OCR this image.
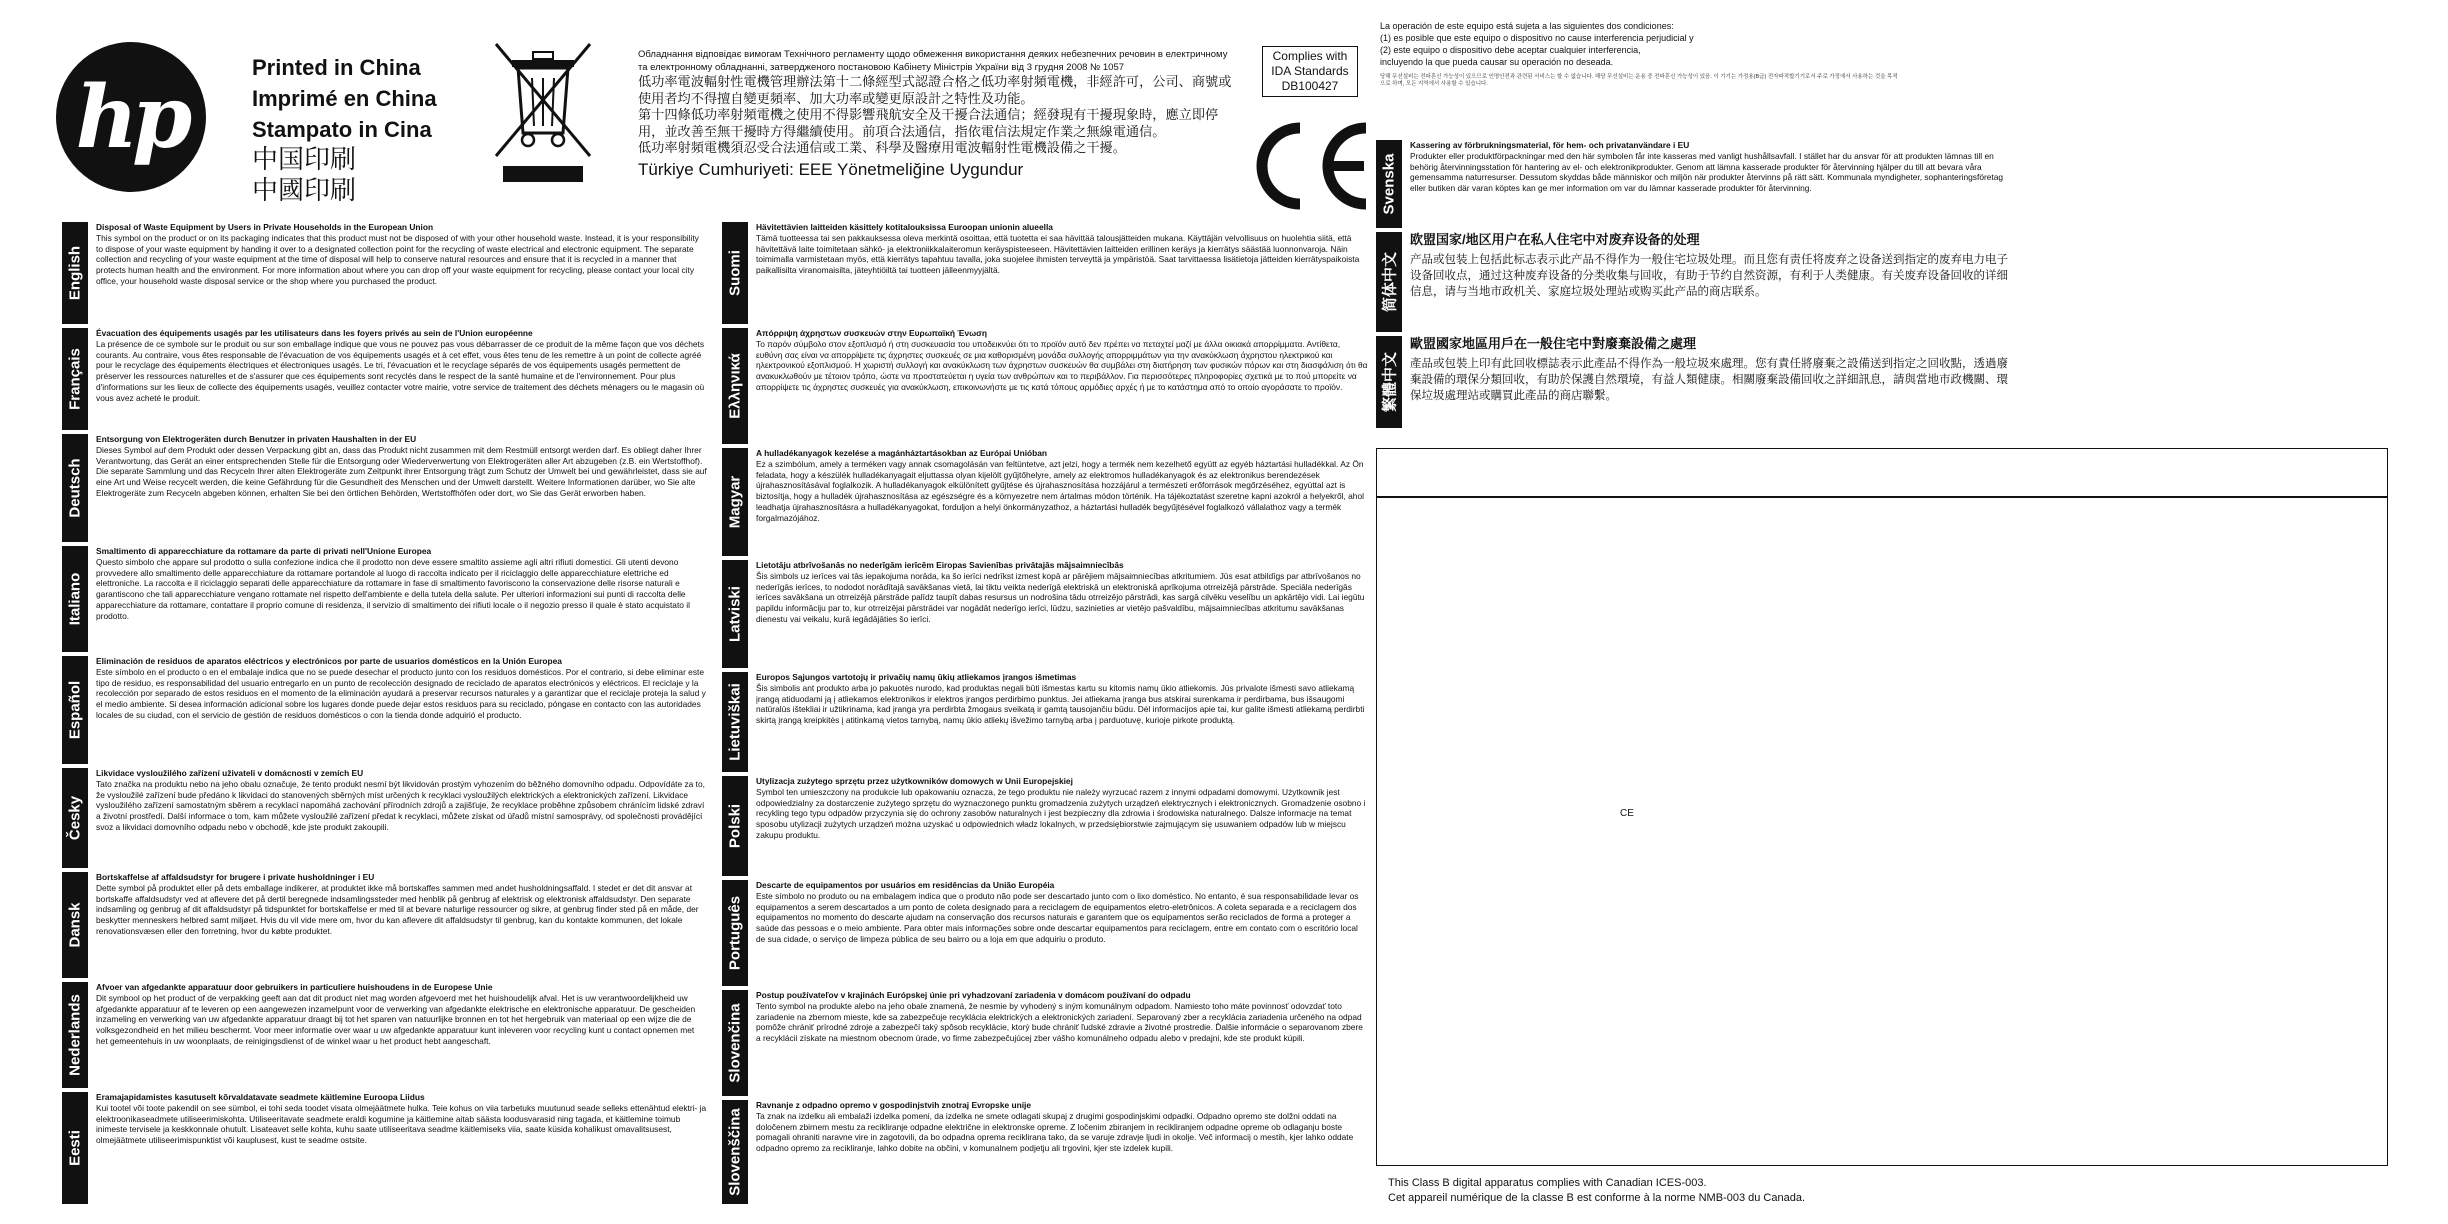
hp	Printed in China
Imprimé en China
Stampato in Cina
中国印刷
中國印刷
Обладнання відповідає вимогам Технічного регламенту щодо обмеження використання деяких небезпечних речовин в електричному та електронному обладнанні, затвердженого постановою Кабінету Міністрів України від 3 грудня 2008 № 1057
低功率電波輻射性電機管理辦法第十二條經型式認證合格之低功率射頻電機，非經許可，公司、商號或使用者均不得擅自變更頻率、加大功率或變更原設計之特性及功能。
第十四條低功率射頻電機之使用不得影響飛航安全及干擾合法通信；經發現有干擾現象時，應立即停用，並改善至無干擾時方得繼續使用。前項合法通信，指依電信法規定作業之無線電通信。
低功率射頻電機須忍受合法通信或工業、科學及醫療用電波輻射性電機設備之干擾。
Türkiye Cumhuriyeti: EEE Yönetmeliğine Uygundur
Complies with
IDA Standards
DB100427
La operación de este equipo está sujeta a las siguientes dos condiciones:
(1) es posible que este equipo o dispositivo no cause interferencia perjudicial y
(2) este equipo o dispositivo debe aceptar cualquier interferencia,
incluyendo la que pueda causar su operación no deseada.
당해 무선설비는 전파혼신 가능성이 있으므로 인명안전과 관련된 서비스는 할 수 없습니다. 해당 무선설비는 운용 중 전파혼신 가능성이 있음. 이 기기는 가정용(B급) 전자파적합기기로서 주로 가정에서 사용하는 것을 목적으로 하며, 모든 지역에서 사용할 수 있습니다.
English
Disposal of Waste Equipment by Users in Private Households in the European Union
This symbol on the product or on its packaging indicates that this product must not be disposed of with your other household waste. Instead, it is your responsibility to dispose of your waste equipment by handing it over to a designated collection point for the recycling of waste electrical and electronic equipment. The separate collection and recycling of your waste equipment at the time of disposal will help to conserve natural resources and ensure that it is recycled in a manner that protects human health and the environment. For more information about where you can drop off your waste equipment for recycling, please contact your local city office, your household waste disposal service or the shop where you purchased the product.
Français
Évacuation des équipements usagés par les utilisateurs dans les foyers privés au sein de l'Union européenne
La présence de ce symbole sur le produit ou sur son emballage indique que vous ne pouvez pas vous débarrasser de ce produit de la même façon que vos déchets courants. Au contraire, vous êtes responsable de l'évacuation de vos équipements usagés et à cet effet, vous êtes tenu de les remettre à un point de collecte agréé pour le recyclage des équipements électriques et électroniques usagés. Le tri, l'évacuation et le recyclage séparés de vos équipements usagés permettent de préserver les ressources naturelles et de s'assurer que ces équipements sont recyclés dans le respect de la santé humaine et de l'environnement. Pour plus d'informations sur les lieux de collecte des équipements usagés, veuillez contacter votre mairie, votre service de traitement des déchets ménagers ou le magasin où vous avez acheté le produit.
Deutsch
Entsorgung von Elektrogeräten durch Benutzer in privaten Haushalten in der EU
Dieses Symbol auf dem Produkt oder dessen Verpackung gibt an, dass das Produkt nicht zusammen mit dem Restmüll entsorgt werden darf. Es obliegt daher Ihrer Verantwortung, das Gerät an einer entsprechenden Stelle für die Entsorgung oder Wiederverwertung von Elektrogeräten aller Art abzugeben (z.B. ein Wertstoffhof). Die separate Sammlung und das Recyceln Ihrer alten Elektrogeräte zum Zeitpunkt ihrer Entsorgung trägt zum Schutz der Umwelt bei und gewährleistet, dass sie auf eine Art und Weise recycelt werden, die keine Gefährdung für die Gesundheit des Menschen und der Umwelt darstellt. Weitere Informationen darüber, wo Sie alte Elektrogeräte zum Recyceln abgeben können, erhalten Sie bei den örtlichen Behörden, Wertstoffhöfen oder dort, wo Sie das Gerät erworben haben.
Italiano
Smaltimento di apparecchiature da rottamare da parte di privati nell'Unione Europea
Questo simbolo che appare sul prodotto o sulla confezione indica che il prodotto non deve essere smaltito assieme agli altri rifiuti domestici. Gli utenti devono provvedere allo smaltimento delle apparecchiature da rottamare portandole al luogo di raccolta indicato per il riciclaggio delle apparecchiature elettriche ed elettroniche. La raccolta e il riciclaggio separati delle apparecchiature da rottamare in fase di smaltimento favoriscono la conservazione delle risorse naturali e garantiscono che tali apparecchiature vengano rottamate nel rispetto dell'ambiente e della tutela della salute. Per ulteriori informazioni sui punti di raccolta delle apparecchiature da rottamare, contattare il proprio comune di residenza, il servizio di smaltimento dei rifiuti locale o il negozio presso il quale è stato acquistato il prodotto.
Español
Eliminación de residuos de aparatos eléctricos y electrónicos por parte de usuarios domésticos en la Unión Europea
Este símbolo en el producto o en el embalaje indica que no se puede desechar el producto junto con los residuos domésticos. Por el contrario, si debe eliminar este tipo de residuo, es responsabilidad del usuario entregarlo en un punto de recolección designado de reciclado de aparatos electrónicos y eléctricos. El reciclaje y la recolección por separado de estos residuos en el momento de la eliminación ayudará a preservar recursos naturales y a garantizar que el reciclaje proteja la salud y el medio ambiente. Si desea información adicional sobre los lugares donde puede dejar estos residuos para su reciclado, póngase en contacto con las autoridades locales de su ciudad, con el servicio de gestión de residuos domésticos o con la tienda donde adquirió el producto.
Česky
Likvidace vysloužilého zařízení uživateli v domácnosti v zemích EU
Tato značka na produktu nebo na jeho obalu označuje, že tento produkt nesmí být likvidován prostým vyhozením do běžného domovního odpadu. Odpovídáte za to, že vysloužilé zařízení bude předáno k likvidaci do stanovených sběrných míst určených k recyklaci vysloužilých elektrických a elektronických zařízení. Likvidace vysloužilého zařízení samostatným sběrem a recyklací napomáhá zachování přírodních zdrojů a zajišťuje, že recyklace proběhne způsobem chránícím lidské zdraví a životní prostředí. Další informace o tom, kam můžete vysloužilé zařízení předat k recyklaci, můžete získat od úřadů místní samosprávy, od společnosti provádějící svoz a likvidaci domovního odpadu nebo v obchodě, kde jste produkt zakoupili.
Dansk
Bortskaffelse af affaldsudstyr for brugere i private husholdninger i EU
Dette symbol på produktet eller på dets emballage indikerer, at produktet ikke må bortskaffes sammen med andet husholdningsaffald. I stedet er det dit ansvar at bortskaffe affaldsudstyr ved at aflevere det på dertil beregnede indsamlingssteder med henblik på genbrug af elektrisk og elektronisk affaldsudstyr. Den separate indsamling og genbrug af dit affaldsudstyr på tidspunktet for bortskaffelse er med til at bevare naturlige ressourcer og sikre, at genbrug finder sted på en måde, der beskytter menneskers helbred samt miljøet. Hvis du vil vide mere om, hvor du kan aflevere dit affaldsudstyr til genbrug, kan du kontakte kommunen, det lokale renovationsvæsen eller den forretning, hvor du købte produktet.
Nederlands
Afvoer van afgedankte apparatuur door gebruikers in particuliere huishoudens in de Europese Unie
Dit symbool op het product of de verpakking geeft aan dat dit product niet mag worden afgevoerd met het huishoudelijk afval. Het is uw verantwoordelijkheid uw afgedankte apparatuur af te leveren op een aangewezen inzamelpunt voor de verwerking van afgedankte elektrische en elektronische apparatuur. De gescheiden inzameling en verwerking van uw afgedankte apparatuur draagt bij tot het sparen van natuurlijke bronnen en tot het hergebruik van materiaal op een wijze die de volksgezondheid en het milieu beschermt. Voor meer informatie over waar u uw afgedankte apparatuur kunt inleveren voor recycling kunt u contact opnemen met het gemeentehuis in uw woonplaats, de reinigingsdienst of de winkel waar u het product hebt aangeschaft.
Eesti
Eramajapidamistes kasutuselt kõrvaldatavate seadmete käitlemine Euroopa Liidus
Kui tootel või toote pakendil on see sümbol, ei tohi seda toodet visata olmejäätmete hulka. Teie kohus on viia tarbetuks muutunud seade selleks ettenähtud elektri- ja elektroonikaseadmete utiliseerimiskohta. Utiliseeritavate seadmete eraldi kogumine ja käitlemine aitab säästa loodusvarasid ning tagada, et käitlemine toimub inimeste tervisele ja keskkonnale ohutult. Lisateavet selle kohta, kuhu saate utiliseeritava seadme käitlemiseks viia, saate küsida kohalikust omavalitsusest, olmejäätmete utiliseerimispunktist või kauplusest, kust te seadme ostsite.
Suomi
Hävitettävien laitteiden käsittely kotitalouksissa Euroopan unionin alueella
Tämä tuotteessa tai sen pakkauksessa oleva merkintä osoittaa, että tuotetta ei saa hävittää talousjätteiden mukana. Käyttäjän velvollisuus on huolehtia siitä, että hävitettävä laite toimitetaan sähkö- ja elektroniikkalaiteromun keräyspisteeseen. Hävitettävien laitteiden erillinen keräys ja kierrätys säästää luonnonvaroja. Näin toimimalla varmistetaan myös, että kierrätys tapahtuu tavalla, joka suojelee ihmisten terveyttä ja ympäristöä. Saat tarvittaessa lisätietoja jätteiden kierrätyspaikoista paikallisilta viranomaisilta, jäteyhtiöiltä tai tuotteen jälleenmyyjältä.
Ελληνικά
Απόρριψη άχρηστων συσκευών στην Ευρωπαϊκή Ένωση
Το παρόν σύμβολο στον εξοπλισμό ή στη συσκευασία του υποδεικνύει ότι το προϊόν αυτό δεν πρέπει να πεταχτεί μαζί με άλλα οικιακά απορρίμματα. Αντίθετα, ευθύνη σας είναι να απορρίψετε τις άχρηστες συσκευές σε μια καθορισμένη μονάδα συλλογής απορριμμάτων για την ανακύκλωση άχρηστου ηλεκτρικού και ηλεκτρονικού εξοπλισμού. Η χωριστή συλλογή και ανακύκλωση των άχρηστων συσκευών θα συμβάλει στη διατήρηση των φυσικών πόρων και στη διασφάλιση ότι θα ανακυκλωθούν με τέτοιον τρόπο, ώστε να προστατεύεται η υγεία των ανθρώπων και το περιβάλλον. Για περισσότερες πληροφορίες σχετικά με το πού μπορείτε να απορρίψετε τις άχρηστες συσκευές για ανακύκλωση, επικοινωνήστε με τις κατά τόπους αρμόδιες αρχές ή με το κατάστημα από το οποίο αγοράσατε το προϊόν.
Magyar
A hulladékanyagok kezelése a magánháztartásokban az Európai Unióban
Ez a szimbólum, amely a terméken vagy annak csomagolásán van feltüntetve, azt jelzi, hogy a termék nem kezelhető együtt az egyéb háztartási hulladékkal. Az Ön feladata, hogy a készülék hulladékanyagait eljuttassa olyan kijelölt gyűjtőhelyre, amely az elektromos hulladékanyagok és az elektronikus berendezések újrahasznosításával foglalkozik. A hulladékanyagok elkülönített gyűjtése és újrahasznosítása hozzájárul a természeti erőforrások megőrzéséhez, egyúttal azt is biztosítja, hogy a hulladék újrahasznosítása az egészségre és a környezetre nem ártalmas módon történik. Ha tájékoztatást szeretne kapni azokról a helyekről, ahol leadhatja újrahasznosításra a hulladékanyagokat, forduljon a helyi önkormányzathoz, a háztartási hulladék begyűjtésével foglalkozó vállalathoz vagy a termék forgalmazójához.
Latviski
Lietotāju atbrīvošanās no nederīgām ierīcēm Eiropas Savienības privātajās mājsaimniecībās
Šis simbols uz ierīces vai tās iepakojuma norāda, ka šo ierīci nedrīkst izmest kopā ar pārējiem mājsaimniecības atkritumiem. Jūs esat atbildīgs par atbrīvošanos no nederīgās ierīces, to nododot norādītajā savākšanas vietā, lai tiktu veikta nederīgā elektriskā un elektroniskā aprīkojuma otrreizējā pārstrāde. Speciāla nederīgās ierīces savākšana un otrreizējā pārstrāde palīdz taupīt dabas resursus un nodrošina tādu otrreizējo pārstrādi, kas sargā cilvēku veselību un apkārtējo vidi. Lai iegūtu papildu informāciju par to, kur otrreizējai pārstrādei var nogādāt nederīgo ierīci, lūdzu, sazinieties ar vietējo pašvaldību, mājsaimniecības atkritumu savākšanas dienestu vai veikalu, kurā iegādājāties šo ierīci.
Lietuviškai
Europos Sąjungos vartotojų ir privačių namų ūkių atliekamos įrangos išmetimas
Šis simbolis ant produkto arba jo pakuotės nurodo, kad produktas negali būti išmestas kartu su kitomis namų ūkio atliekomis. Jūs privalote išmesti savo atliekamą įrangą atiduodami ją į atliekamos elektronikos ir elektros įrangos perdirbimo punktus. Jei atliekama įranga bus atskirai surenkama ir perdirbama, bus išsaugomi natūralūs ištekliai ir užtikrinama, kad įranga yra perdirbta žmogaus sveikatą ir gamtą tausojančiu būdu. Dėl informacijos apie tai, kur galite išmesti atliekamą perdirbti skirtą įrangą kreipkitės į atitinkamą vietos tarnybą, namų ūkio atliekų išvežimo tarnybą arba į parduotuvę, kurioje pirkote produktą.
Polski
Utylizacja zużytego sprzętu przez użytkowników domowych w Unii Europejskiej
Symbol ten umieszczony na produkcie lub opakowaniu oznacza, że tego produktu nie należy wyrzucać razem z innymi odpadami domowymi. Użytkownik jest odpowiedzialny za dostarczenie zużytego sprzętu do wyznaczonego punktu gromadzenia zużytych urządzeń elektrycznych i elektronicznych. Gromadzenie osobno i recykling tego typu odpadów przyczynia się do ochrony zasobów naturalnych i jest bezpieczny dla zdrowia i środowiska naturalnego. Dalsze informacje na temat sposobu utylizacji zużytych urządzeń można uzyskać u odpowiednich władz lokalnych, w przedsiębiorstwie zajmującym się usuwaniem odpadów lub w miejscu zakupu produktu.
Português
Descarte de equipamentos por usuários em residências da União Européia
Este símbolo no produto ou na embalagem indica que o produto não pode ser descartado junto com o lixo doméstico. No entanto, é sua responsabilidade levar os equipamentos a serem descartados a um ponto de coleta designado para a reciclagem de equipamentos eletro-eletrônicos. A coleta separada e a reciclagem dos equipamentos no momento do descarte ajudam na conservação dos recursos naturais e garantem que os equipamentos serão reciclados de forma a proteger a saúde das pessoas e o meio ambiente. Para obter mais informações sobre onde descartar equipamentos para reciclagem, entre em contato com o escritório local de sua cidade, o serviço de limpeza pública de seu bairro ou a loja em que adquiriu o produto.
Slovenčina
Postup používateľov v krajinách Európskej únie pri vyhadzovaní zariadenia v domácom používaní do odpadu
Tento symbol na produkte alebo na jeho obale znamená, že nesmie by vyhodený s iným komunálnym odpadom. Namiesto toho máte povinnosť odovzdať toto zariadenie na zbernom mieste, kde sa zabezpečuje recyklácia elektrických a elektronických zariadení. Separovaný zber a recyklácia zariadenia určeného na odpad pomôže chrániť prírodné zdroje a zabezpečí taký spôsob recyklácie, ktorý bude chrániť ľudské zdravie a životné prostredie. Ďalšie informácie o separovanom zbere a recyklácii získate na miestnom obecnom úrade, vo firme zabezpečujúcej zber vášho komunálneho odpadu alebo v predajni, kde ste produkt kúpili.
Slovenščina
Ravnanje z odpadno opremo v gospodinjstvih znotraj Evropske unije
Ta znak na izdelku ali embalaži izdelka pomeni, da izdelka ne smete odlagati skupaj z drugimi gospodinjskimi odpadki. Odpadno opremo ste dolžni oddati na določenem zbirnem mestu za recikliranje odpadne električne in elektronske opreme. Z ločenim zbiranjem in recikliranjem odpadne opreme ob odlaganju boste pomagali ohraniti naravne vire in zagotovili, da bo odpadna oprema reciklirana tako, da se varuje zdravje ljudi in okolje. Več informacij o mestih, kjer lahko oddate odpadno opremo za recikliranje, lahko dobite na občini, v komunalnem podjetju ali trgovini, kjer ste izdelek kupili.
Svenska
Kassering av förbrukningsmaterial, för hem- och privatanvändare i EU
Produkter eller produktförpackningar med den här symbolen får inte kasseras med vanligt hushållsavfall. I stället har du ansvar för att produkten lämnas till en behörig återvinningsstation för hantering av el- och elektronikprodukter. Genom att lämna kasserade produkter för återvinning hjälper du till att bevara våra gemensamma naturresurser. Dessutom skyddas både människor och miljön när produkter återvinns på rätt sätt. Kommunala myndigheter, sophanteringsföretag eller butiken där varan köptes kan ge mer information om var du lämnar kasserade produkter för återvinning.
简体中文
欧盟国家/地区用户在私人住宅中对废弃设备的处理
产品或包装上包括此标志表示此产品不得作为一般住宅垃圾处理。而且您有责任将废弃之设备送到指定的废弃电力电子设备回收点，通过这种废弃设备的分类收集与回收，有助于节约自然资源，有利于人类健康。有关废弃设备回收的详细信息，请与当地市政机关、家庭垃圾处理站或购买此产品的商店联系。
繁體中文
歐盟國家地區用戶在一般住宅中對廢棄設備之處理
產品或包裝上印有此回收標誌表示此產品不得作為一般垃圾來處理。您有責任將廢棄之設備送到指定之回收點，透過廢棄設備的環保分類回收，有助於保護自然環境，有益人類健康。相關廢棄設備回收之詳細訊息，請與當地市政機關、環保垃圾處理站或購買此產品的商店聯繫。
CE
This Class B digital apparatus complies with Canadian ICES-003.
Cet appareil numérique de la classe B est conforme à la norme NMB-003 du Canada.
